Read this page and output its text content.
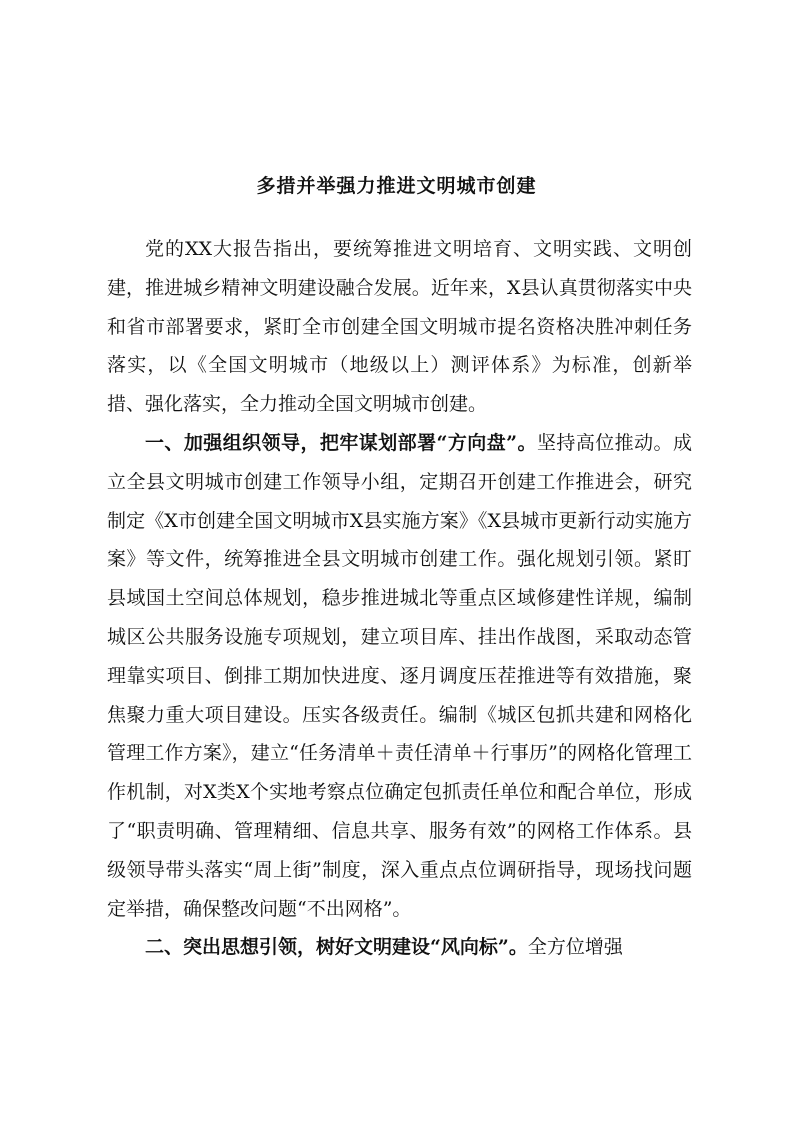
多措并举强力推进文明城市创建

党的XX大报告指出，要统筹推进文明培育、文明实践、文明创建，推进城乡精神文明建设融合发展。近年来，X县认真贯彻落实中央和省市部署要求，紧盯全市创建全国文明城市提名资格决胜冲刺任务落实，以《全国文明城市（地级以上）测评体系》为标准，创新举措、强化落实，全力推动全国文明城市创建。

一、加强组织领导，把牢谋划部署“方向盘”。坚持高位推动。成立全县文明城市创建工作领导小组，定期召开创建工作推进会，研究制定《X市创建全国文明城市X县实施方案》《X县城市更新行动实施方案》等文件，统筹推进全县文明城市创建工作。强化规划引领。紧盯县域国土空间总体规划，稳步推进城北等重点区域修建性详规，编制城区公共服务设施专项规划，建立项目库、挂出作战图，采取动态管理靠实项目、倒排工期加快进度、逐月调度压茬推进等有效措施，聚焦聚力重大项目建设。压实各级责任。编制《城区包抓共建和网格化管理工作方案》，建立“任务清单＋责任清单＋行事历”的网格化管理工作机制，对X类X个实地考察点位确定包抓责任单位和配合单位，形成了“职责明确、管理精细、信息共享、服务有效”的网格工作体系。县级领导带头落实“周上街”制度，深入重点点位调研指导，现场找问题定举措，确保整改问题“不出网格”。

二、突出思想引领，树好文明建设“风向标”。全方位增强
